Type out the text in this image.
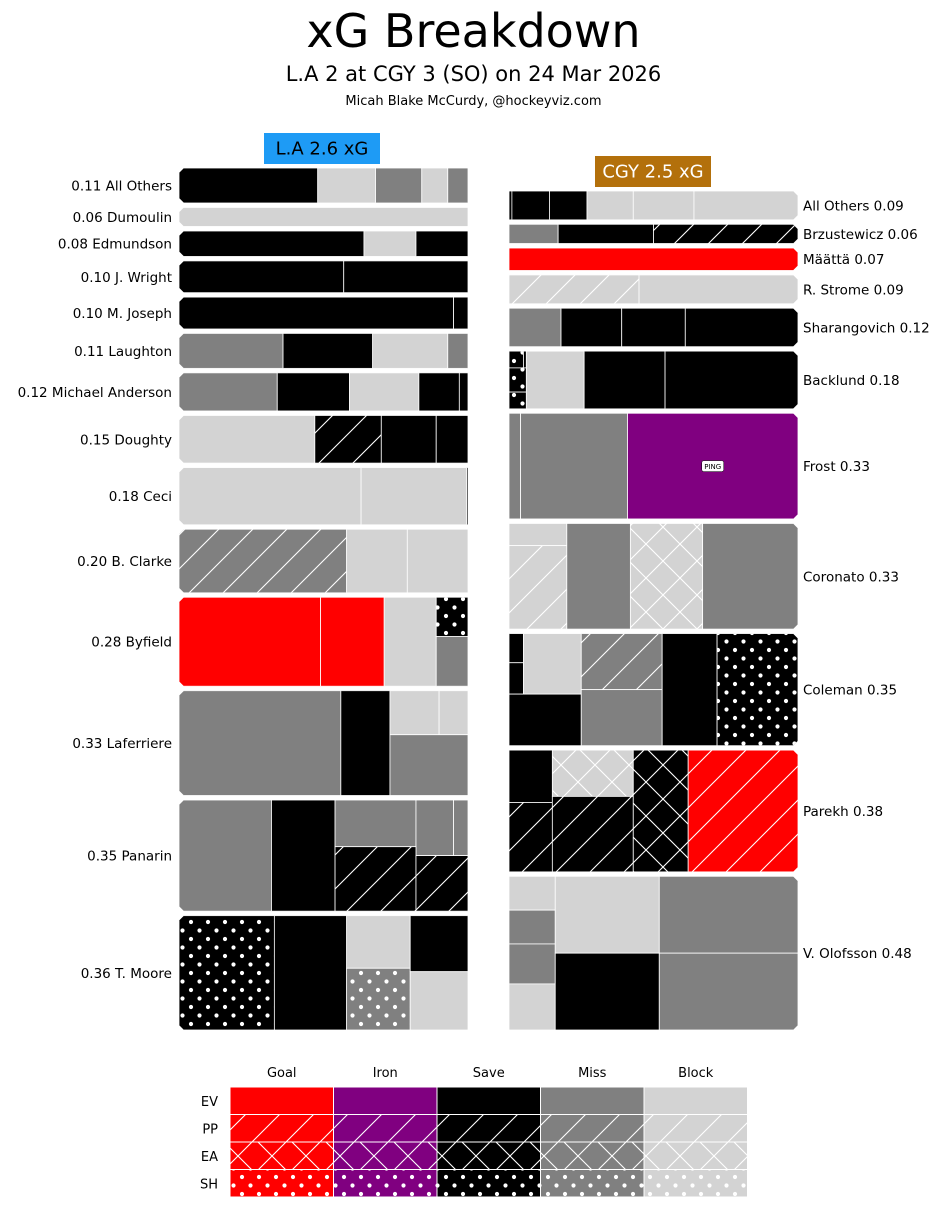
xG Breakdown
L.A 2 at CGY 3 (SO) on 24 Mar 2026
Micah Blake McCurdy, @hockeyviz.com
L.A 2.6 xG
0.11 All Others
0.06 Dumoulin
0.08 Edmundson
0.10 J. Wright
0.10 M. Joseph
0.11 Laughton
0.12 Michael Anderson
0.15 Doughty
0.18 Ceci
0.20 B. Clarke
0.28 Byfield
0.33 Laferriere
0.35 Panarin
0.36 T. Moore
CGY 2.5 xG
All Others 0.09
Brzustewicz 0.06
Määttä 0.07
R. Strome 0.09
Sharangovich 0.12
Backlund 0.18
PING	Frost 0.33
Coronato 0.33
Coleman 0.35
Parekh 0.38
V. Olofsson 0.48
Goal	Iron	Save	Miss	Block
EV
PP
EA
SH
